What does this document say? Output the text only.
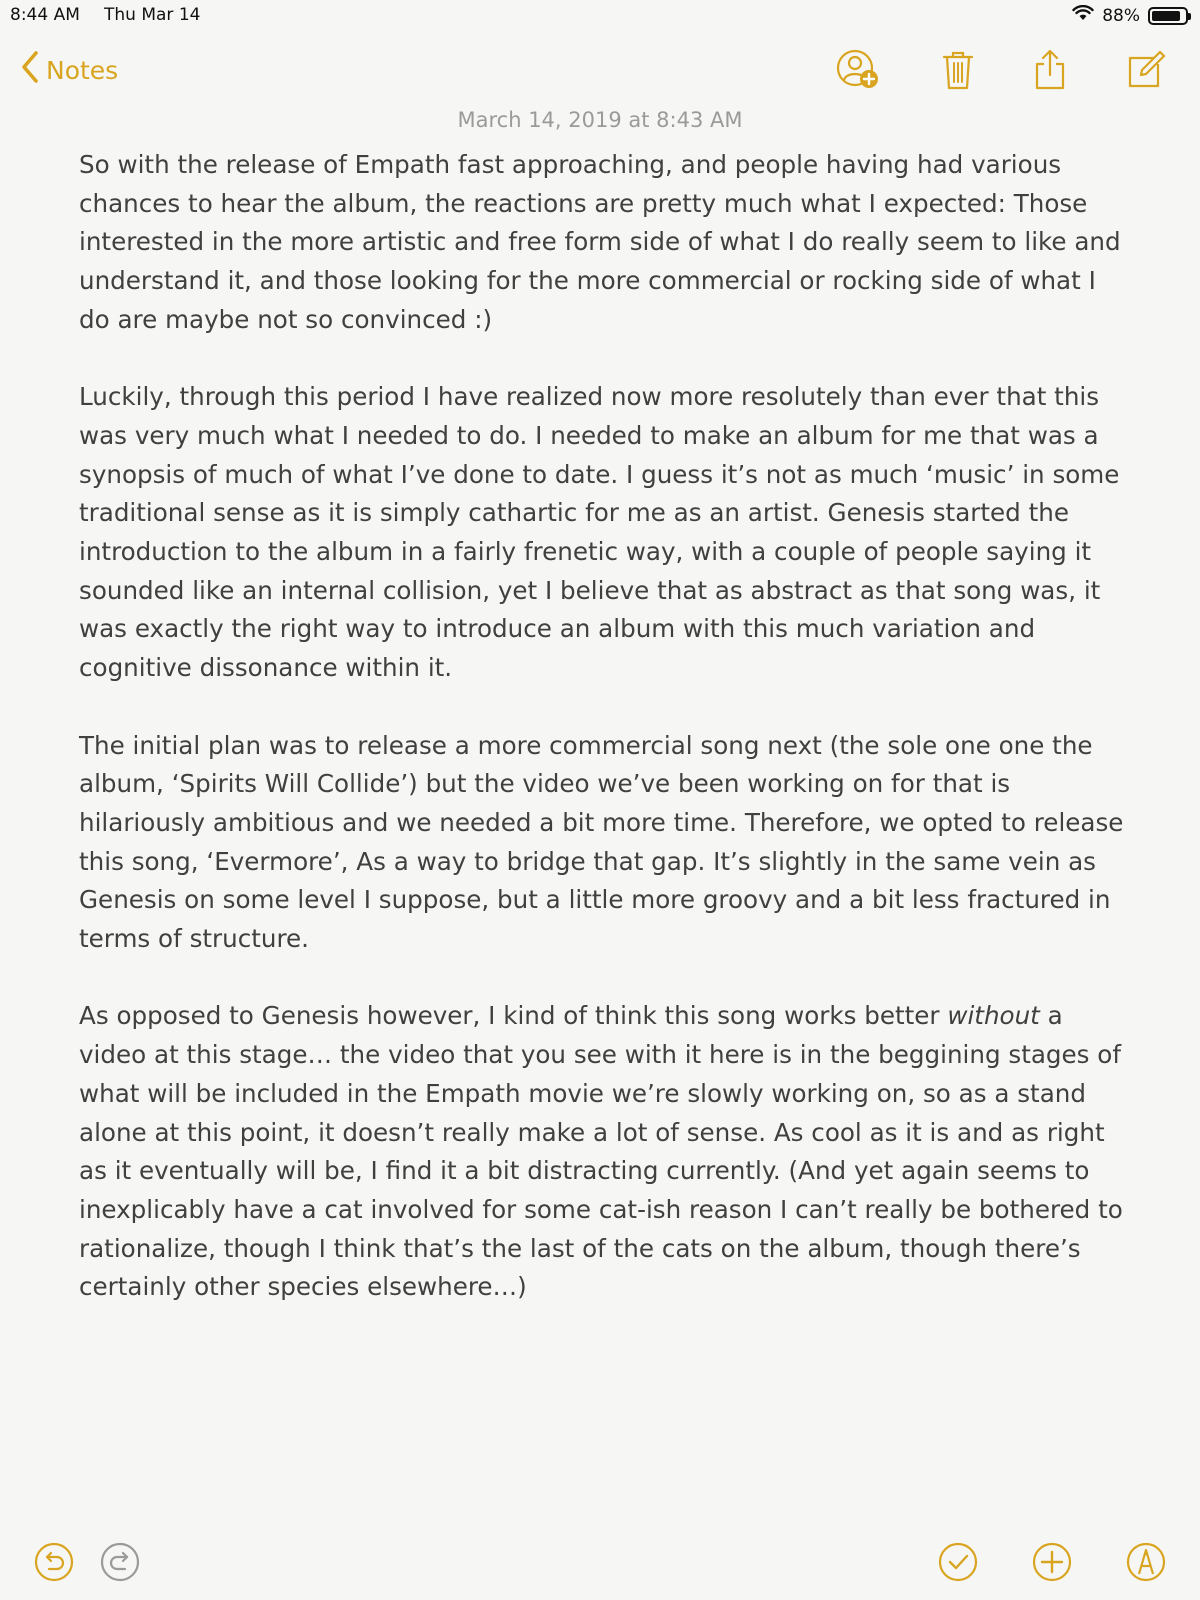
8:44 AM Thu Mar 14	88%
Notes
March 14, 2019 at 8:43 AM

So with the release of Empath fast approaching, and people having had various chances to hear the album, the reactions are pretty much what I expected: Those interested in the more artistic and free form side of what I do really seem to like and understand it, and those looking for the more commercial or rocking side of what I do are maybe not so convinced :)

Luckily, through this period I have realized now more resolutely than ever that this was very much what I needed to do. I needed to make an album for me that was a synopsis of much of what I’ve done to date. I guess it’s not as much ‘music’ in some traditional sense as it is simply cathartic for me as an artist. Genesis started the introduction to the album in a fairly frenetic way, with a couple of people saying it sounded like an internal collision, yet I believe that as abstract as that song was, it was exactly the right way to introduce an album with this much variation and cognitive dissonance within it.

The initial plan was to release a more commercial song next (the sole one one the album, ‘Spirits Will Collide’) but the video we’ve been working on for that is hilariously ambitious and we needed a bit more time. Therefore, we opted to release this song, ‘Evermore’, As a way to bridge that gap. It’s slightly in the same vein as Genesis on some level I suppose, but a little more groovy and a bit less fractured in terms of structure.

As opposed to Genesis however, I kind of think this song works better without a video at this stage… the video that you see with it here is in the beggining stages of what will be included in the Empath movie we’re slowly working on, so as a stand alone at this point, it doesn’t really make a lot of sense. As cool as it is and as right as it eventually will be, I find it a bit distracting currently. (And yet again seems to inexplicably have a cat involved for some cat-ish reason I can’t really be bothered to rationalize, though I think that’s the last of the cats on the album, though there’s certainly other species elsewhere…)
